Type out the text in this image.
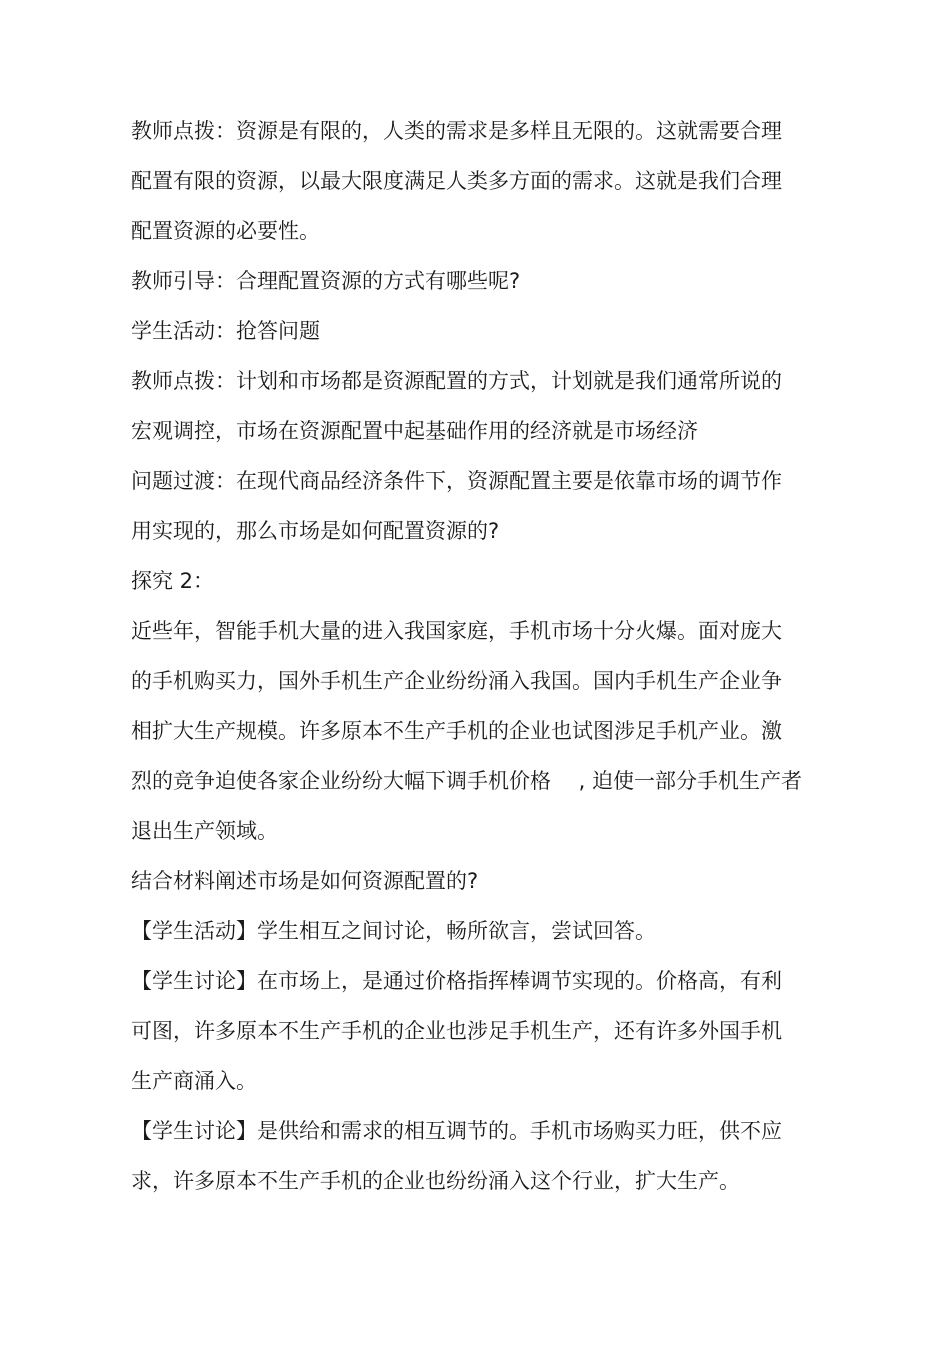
教师点拨：资源是有限的，人类的需求是多样且无限的。这就需要合理
配置有限的资源，以最大限度满足人类多方面的需求。这就是我们合理
配置资源的必要性。
教师引导：合理配置资源的方式有哪些呢?
学生活动：抢答问题
教师点拨：计划和市场都是资源配置的方式，计划就是我们通常所说的
宏观调控，市场在资源配置中起基础作用的经济就是市场经济
问题过渡：在现代商品经济条件下，资源配置主要是依靠市场的调节作
用实现的，那么市场是如何配置资源的?
探究 2：
近些年，智能手机大量的进入我国家庭，手机市场十分火爆。面对庞大
的手机购买力，国外手机生产企业纷纷涌入我国。国内手机生产企业争
相扩大生产规模。许多原本不生产手机的企业也试图涉足手机产业。激
烈的竞争迫使各家企业纷纷大幅下调手机价格　 , 迫使一部分手机生产者
退出生产领域。
结合材料阐述市场是如何资源配置的?
【学生活动】学生相互之间讨论，畅所欲言，尝试回答。
【学生讨论】在市场上，是通过价格指挥棒调节实现的。价格高，有利
可图，许多原本不生产手机的企业也涉足手机生产，还有许多外国手机
生产商涌入。
【学生讨论】是供给和需求的相互调节的。手机市场购买力旺，供不应
求，许多原本不生产手机的企业也纷纷涌入这个行业，扩大生产。
